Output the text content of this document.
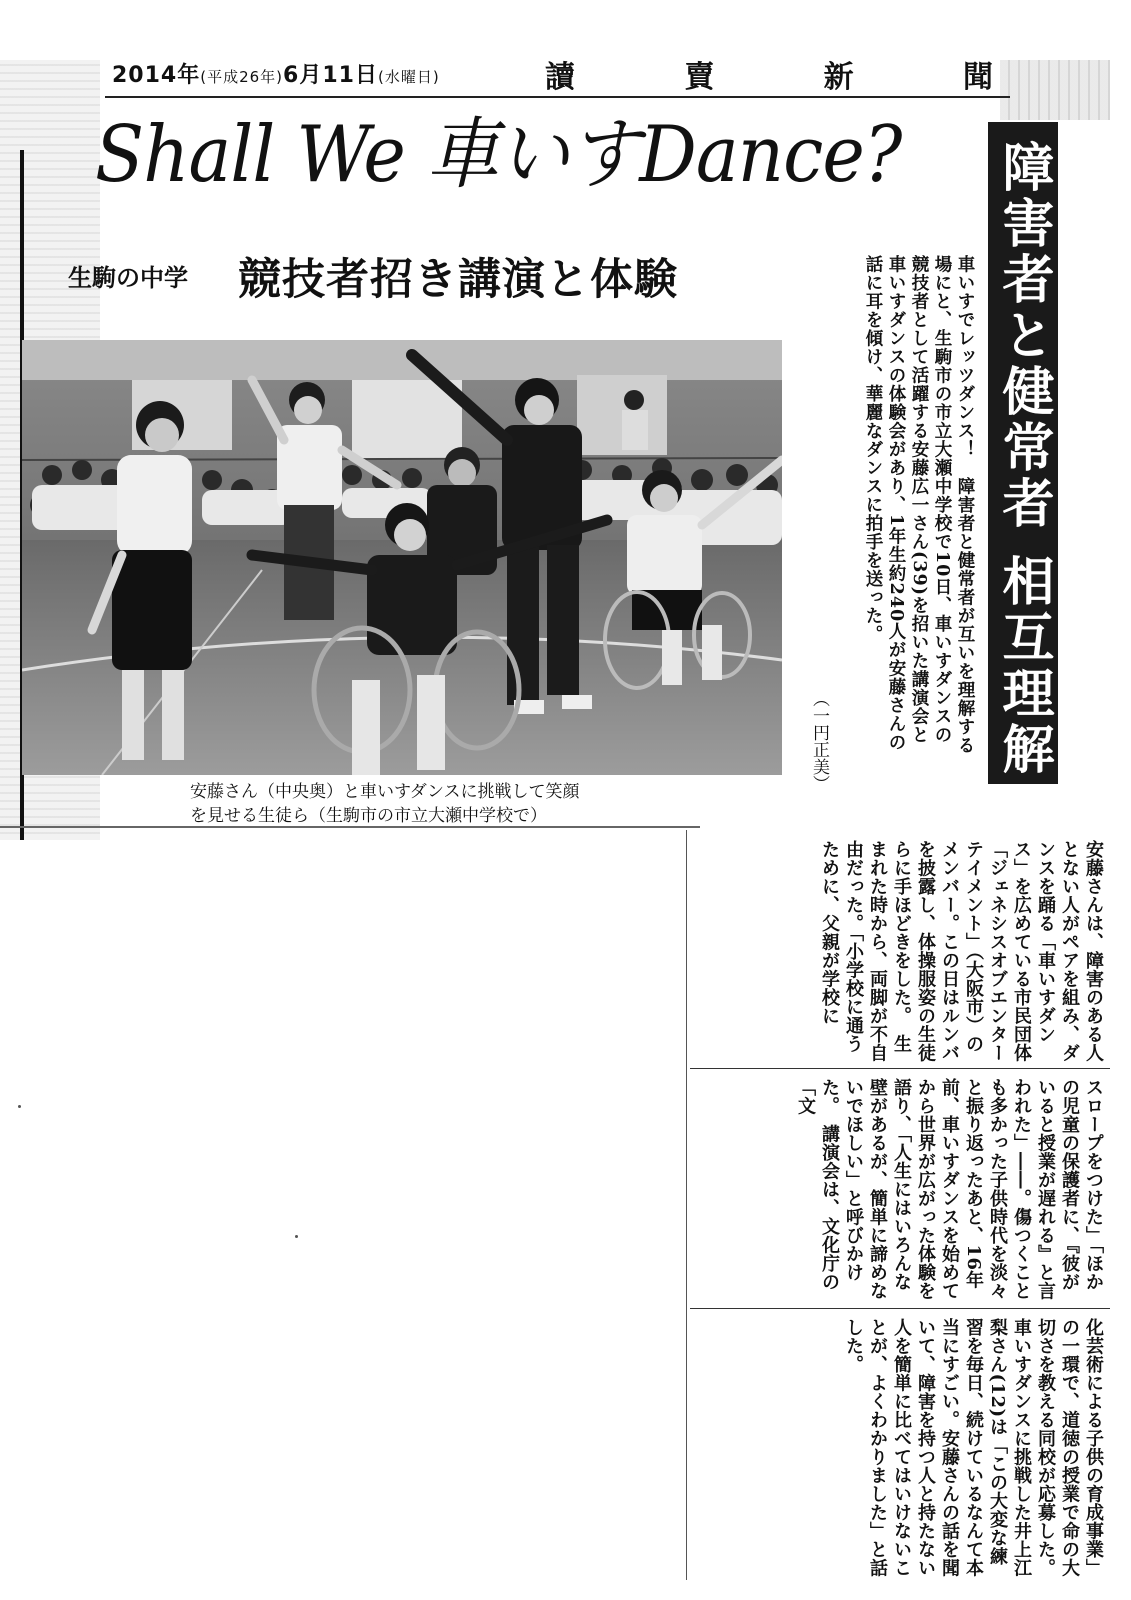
2014年(平成26年)6月11日(水曜日)	讀	賣	新	聞
Shall We 車いすDance?
生駒の中学	競技者招き講演と体験	障害者と健常者 相互理解
車いすでレッツダンス！　障害者と健常者が互いを理解する場にと、生駒市の市立大瀬中学校で10日、車いすダンスの競技者として活躍する安藤広一さん(39)を招いた講演会と車いすダンスの体験会があり、1年生約240人が安藤さんの話に耳を傾け、華麗なダンスに拍手を送った。
安藤さん（中央奥）と車いすダンスに挑戦して笑顔
を見せる生徒ら（生駒市の市立大瀬中学校で）
（一円正美）
安藤さんは、障害のある人とない人がペアを組み、ダンスを踊る「車いすダンス」を広めている市民団体「ジェネシスオブエンターテイメント」（大阪市）のメンバー。この日はルンバを披露し、体操服姿の生徒らに手ほどきをした。　生まれた時から、両脚が不自由だった。「小学校に通うために、父親が学校に
スロープをつけた」「ほかの児童の保護者に、『彼がいると授業が遅れる』と言われた」――。傷つくことも多かった子供時代を淡々と振り返ったあと、16年前、車いすダンスを始めてから世界が広がった体験を語り、「人生にはいろんな壁があるが、簡単に諦めないでほしい」と呼びかけた。　講演会は、文化庁の「文
化芸術による子供の育成事業」の一環で、道徳の授業で命の大切さを教える同校が応募した。車いすダンスに挑戦した井上江梨さん(12)は「この大変な練習を毎日、続けているなんて本当にすごい。安藤さんの話を聞いて、障害を持つ人と持たない人を簡単に比べてはいけないことが、よくわかりました」と話した。
